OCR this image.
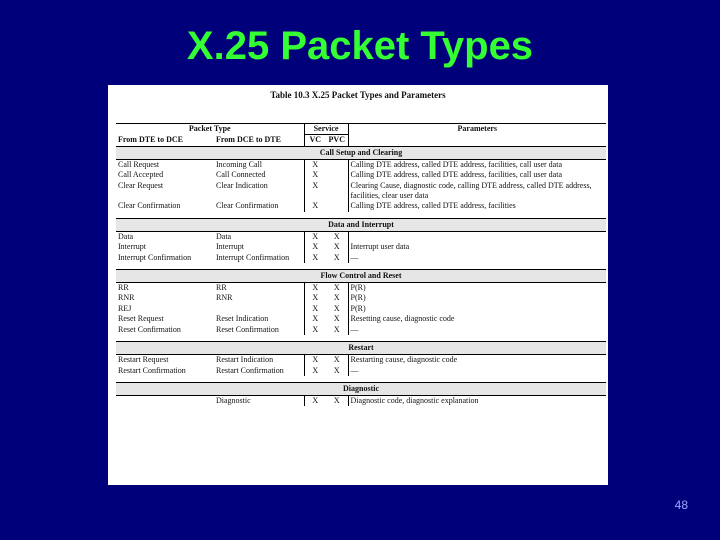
X.25 Packet Types
Table 10.3 X.25 Packet Types and Parameters
Packet Type		Service		Parameters
From DTE to DCE	From DCE to DTE	VC	PVC	
Call Setup and Clearing				
Call Request	Incoming Call	X		Calling DTE address, called DTE address, facilities, call user data
Call Accepted	Call Connected	X		Calling DTE address, called DTE address, facilities, call user data
Clear Request	Clear Indication	X		Clearing Cause, diagnostic code, calling DTE address, called DTE address, facilities, clear user data
Clear Confirmation	Clear Confirmation	X		Calling DTE address, called DTE address, facilities

Data and Interrupt				
Data	Data	X	X	
Interrupt	Interrupt	X	X	Interrupt user data
Interrupt Confirmation	Interrupt Confirmation	X	X	—

Flow Control and Reset				
RR	RR	X	X	P(R)
RNR	RNR	X	X	P(R)
REJ		X	X	P(R)
Reset Request	Reset Indication	X	X	Resetting cause, diagnostic code
Reset Confirmation	Reset Confirmation	X	X	—

Restart				
Restart Request	Restart Indication	X	X	Restarting cause, diagnostic code
Restart Confirmation	Restart Confirmation	X	X	—

Diagnostic				
	Diagnostic	X	X	Diagnostic code, diagnostic explanation

48
